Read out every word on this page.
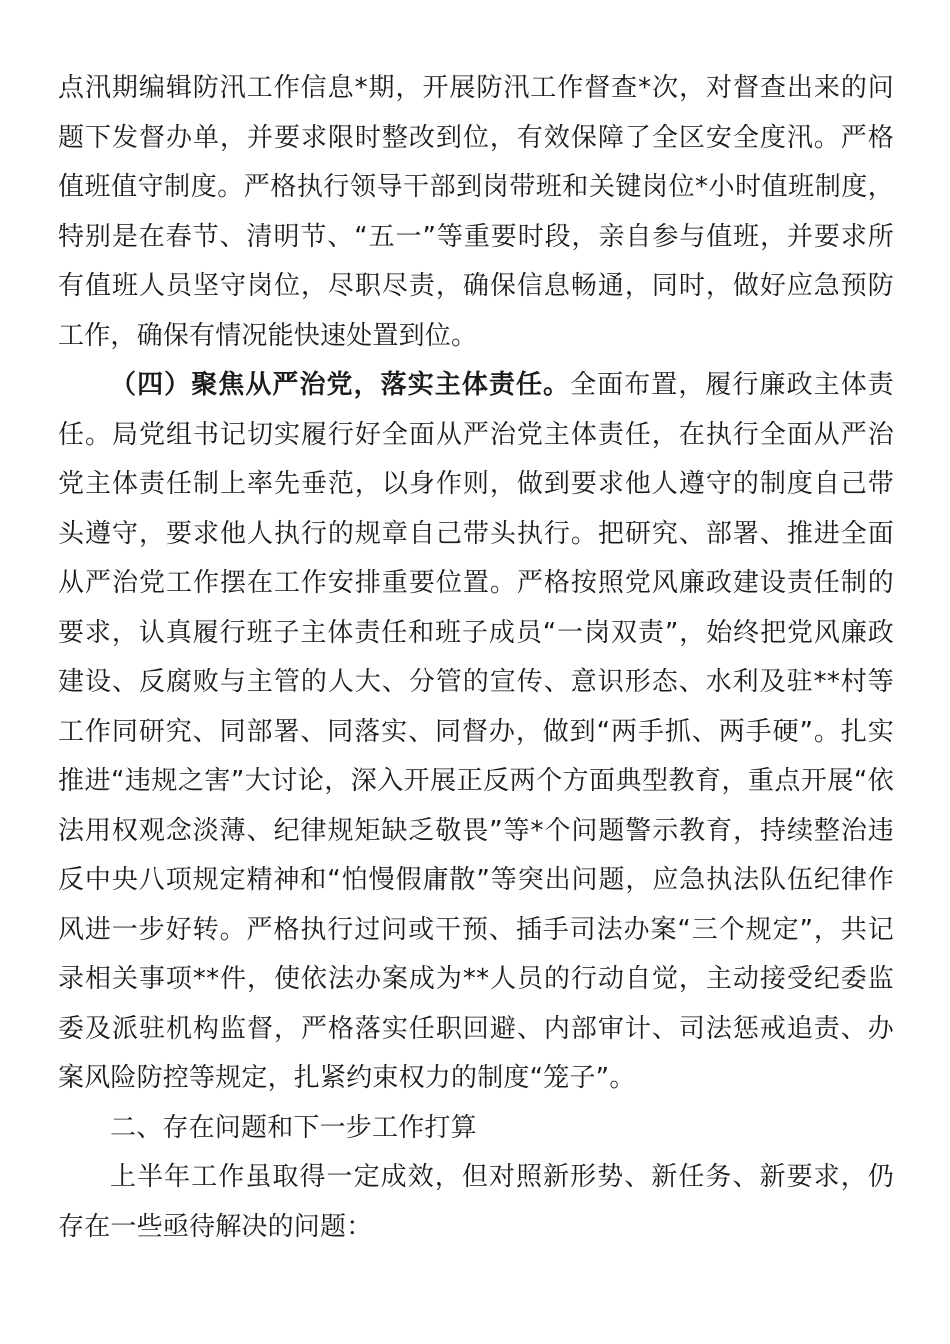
点汛期编辑防汛工作信息*期，开展防汛工作督查*次，对督查出来的问题下发督办单，并要求限时整改到位，有效保障了全区安全度汛。严格值班值守制度。严格执行领导干部到岗带班和关键岗位*小时值班制度，特别是在春节、清明节、“五一”等重要时段，亲自参与值班，并要求所有值班人员坚守岗位，尽职尽责，确保信息畅通，同时，做好应急预防工作，确保有情况能快速处置到位。

（四）聚焦从严治党，落实主体责任。全面布置，履行廉政主体责任。局党组书记切实履行好全面从严治党主体责任，在执行全面从严治党主体责任制上率先垂范，以身作则，做到要求他人遵守的制度自己带头遵守，要求他人执行的规章自己带头执行。把研究、部署、推进全面从严治党工作摆在工作安排重要位置。严格按照党风廉政建设责任制的要求，认真履行班子主体责任和班子成员“一岗双责”，始终把党风廉政建设、反腐败与主管的人大、分管的宣传、意识形态、水利及驻**村等工作同研究、同部署、同落实、同督办，做到“两手抓、两手硬”。扎实推进“违规之害”大讨论，深入开展正反两个方面典型教育，重点开展“依法用权观念淡薄、纪律规矩缺乏敬畏”等*个问题警示教育，持续整治违反中央八项规定精神和“怕慢假庸散”等突出问题，应急执法队伍纪律作风进一步好转。严格执行过问或干预、插手司法办案“三个规定”，共记录相关事项**件，使依法办案成为**人员的行动自觉，主动接受纪委监委及派驻机构监督，严格落实任职回避、内部审计、司法惩戒追责、办案风险防控等规定，扎紧约束权力的制度“笼子”。

二、存在问题和下一步工作打算

上半年工作虽取得一定成效，但对照新形势、新任务、新要求，仍存在一些亟待解决的问题：
